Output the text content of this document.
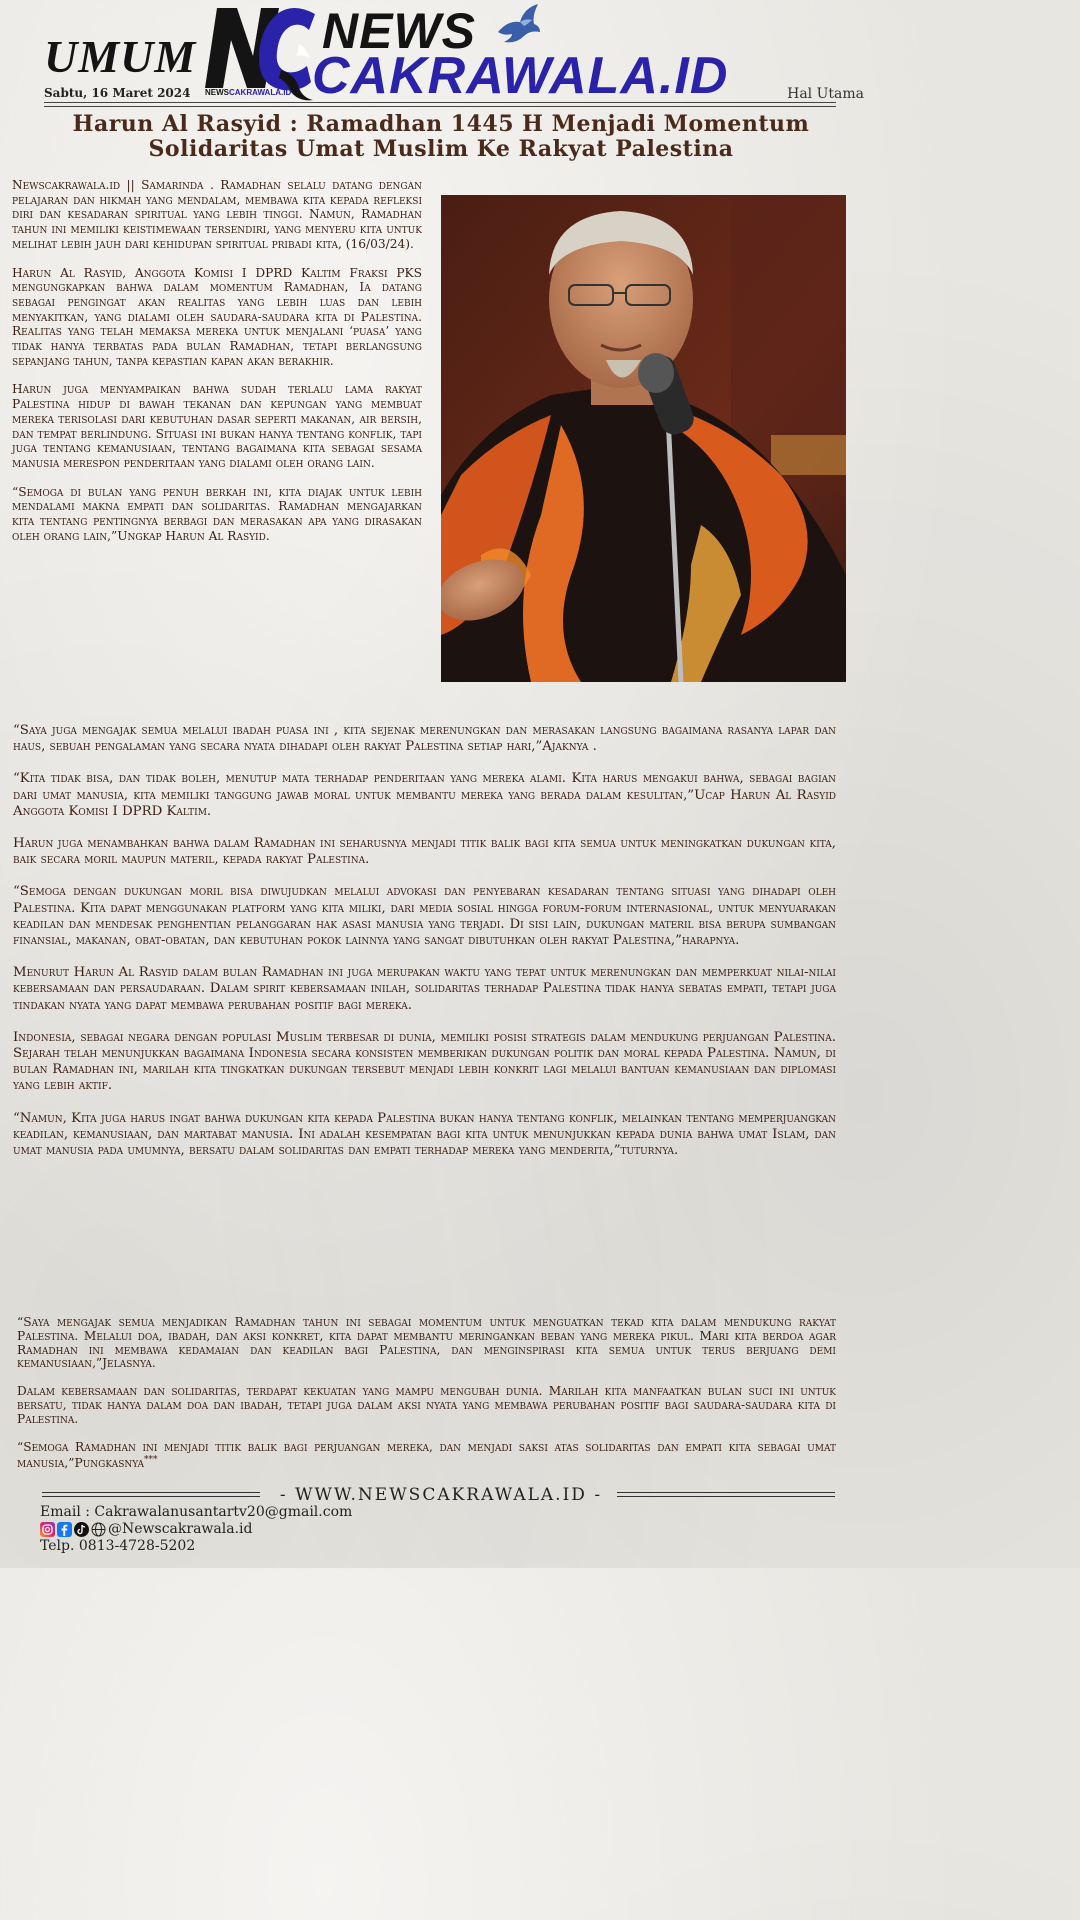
UMUM
NEWSCAKRAWALA.ID
NEWS
CAKRAWALA.ID
Sabtu, 16 Maret 2024	Hal Utama
Harun Al Rasyid : Ramadhan 1445 H Menjadi Momentum
Solidaritas Umat Muslim Ke Rakyat Palestina

Newscakrawala.id || Samarinda . Ramadhan selalu datang dengan pelajaran dan hikmah yang mendalam, membawa kita kepada refleksi diri dan kesadaran spiritual yang lebih tinggi. Namun, Ramadhan tahun ini memiliki keistimewaan tersendiri, yang menyeru kita untuk melihat lebih jauh dari kehidupan spiritual pribadi kita, (16/03/24).

Harun Al Rasyid, Anggota Komisi I DPRD Kaltim Fraksi PKS mengungkapkan bahwa dalam momentum Ramadhan, Ia datang sebagai pengingat akan realitas yang lebih luas dan lebih menyakitkan, yang dialami oleh saudara-saudara kita di Palestina. Realitas yang telah memaksa mereka untuk menjalani ‘puasa’ yang tidak hanya terbatas pada bulan Ramadhan, tetapi berlangsung sepanjang tahun, tanpa kepastian kapan akan berakhir.

Harun juga menyampaikan bahwa sudah terlalu lama rakyat Palestina hidup di bawah tekanan dan kepungan yang membuat mereka terisolasi dari kebutuhan dasar seperti makanan, air bersih, dan tempat berlindung. Situasi ini bukan hanya tentang konflik, tapi juga tentang kemanusiaan, tentang bagaimana kita sebagai sesama manusia merespon penderitaan yang dialami oleh orang lain.

“Semoga di bulan yang penuh berkah ini, kita diajak untuk lebih mendalami makna empati dan solidaritas. Ramadhan mengajarkan kita tentang pentingnya berbagi dan merasakan apa yang dirasakan oleh orang lain,”Ungkap Harun Al Rasyid.

“Saya juga mengajak semua melalui ibadah puasa ini , kita sejenak merenungkan dan merasakan langsung bagaimana rasanya lapar dan haus, sebuah pengalaman yang secara nyata dihadapi oleh rakyat Palestina setiap hari,”Ajaknya .

“Kita tidak bisa, dan tidak boleh, menutup mata terhadap penderitaan yang mereka alami. Kita harus mengakui bahwa, sebagai bagian dari umat manusia, kita memiliki tanggung jawab moral untuk membantu mereka yang berada dalam kesulitan,”Ucap Harun Al Rasyid Anggota Komisi I DPRD Kaltim.

Harun juga menambahkan bahwa dalam Ramadhan ini seharusnya menjadi titik balik bagi kita semua untuk meningkatkan dukungan kita, baik secara moril maupun materil, kepada rakyat Palestina.

“Semoga dengan dukungan moril bisa diwujudkan melalui advokasi dan penyebaran kesadaran tentang situasi yang dihadapi oleh Palestina. Kita dapat menggunakan platform yang kita miliki, dari media sosial hingga forum-forum internasional, untuk menyuarakan keadilan dan mendesak penghentian pelanggaran hak asasi manusia yang terjadi. Di sisi lain, dukungan materil bisa berupa sumbangan finansial, makanan, obat-obatan, dan kebutuhan pokok lainnya yang sangat dibutuhkan oleh rakyat Palestina,”harapnya.

Menurut Harun Al Rasyid dalam bulan Ramadhan ini juga merupakan waktu yang tepat untuk merenungkan dan memperkuat nilai-nilai kebersamaan dan persaudaraan. Dalam spirit kebersamaan inilah, solidaritas terhadap Palestina tidak hanya sebatas empati, tetapi juga tindakan nyata yang dapat membawa perubahan positif bagi mereka.

Indonesia, sebagai negara dengan populasi Muslim terbesar di dunia, memiliki posisi strategis dalam mendukung perjuangan Palestina. Sejarah telah menunjukkan bagaimana Indonesia secara konsisten memberikan dukungan politik dan moral kepada Palestina. Namun, di bulan Ramadhan ini, marilah kita tingkatkan dukungan tersebut menjadi lebih konkrit lagi melalui bantuan kemanusiaan dan diplomasi yang lebih aktif.

“Namun, Kita juga harus ingat bahwa dukungan kita kepada Palestina bukan hanya tentang konflik, melainkan tentang memperjuangkan keadilan, kemanusiaan, dan martabat manusia. Ini adalah kesempatan bagi kita untuk menunjukkan kepada dunia bahwa umat Islam, dan umat manusia pada umumnya, bersatu dalam solidaritas dan empati terhadap mereka yang menderita,”tuturnya.

“Saya mengajak semua menjadikan Ramadhan tahun ini sebagai momentum untuk menguatkan tekad kita dalam mendukung rakyat Palestina. Melalui doa, ibadah, dan aksi konkret, kita dapat membantu meringankan beban yang mereka pikul. Mari kita berdoa agar Ramadhan ini membawa kedamaian dan keadilan bagi Palestina, dan menginspirasi kita semua untuk terus berjuang demi kemanusiaan,”Jelasnya.

Dalam kebersamaan dan solidaritas, terdapat kekuatan yang mampu mengubah dunia. Marilah kita manfaatkan bulan suci ini untuk bersatu, tidak hanya dalam doa dan ibadah, tetapi juga dalam aksi nyata yang membawa perubahan positif bagi saudara-saudara kita di Palestina.

“Semoga Ramadhan ini menjadi titik balik bagi perjuangan mereka, dan menjadi saksi atas solidaritas dan empati kita sebagai umat manusia,”Pungkasnya***

- WWW.NEWSCAKRAWALA.ID -
Email : Cakrawalanusantartv20@gmail.com
@Newscakrawala.id
Telp. 0813-4728-5202
